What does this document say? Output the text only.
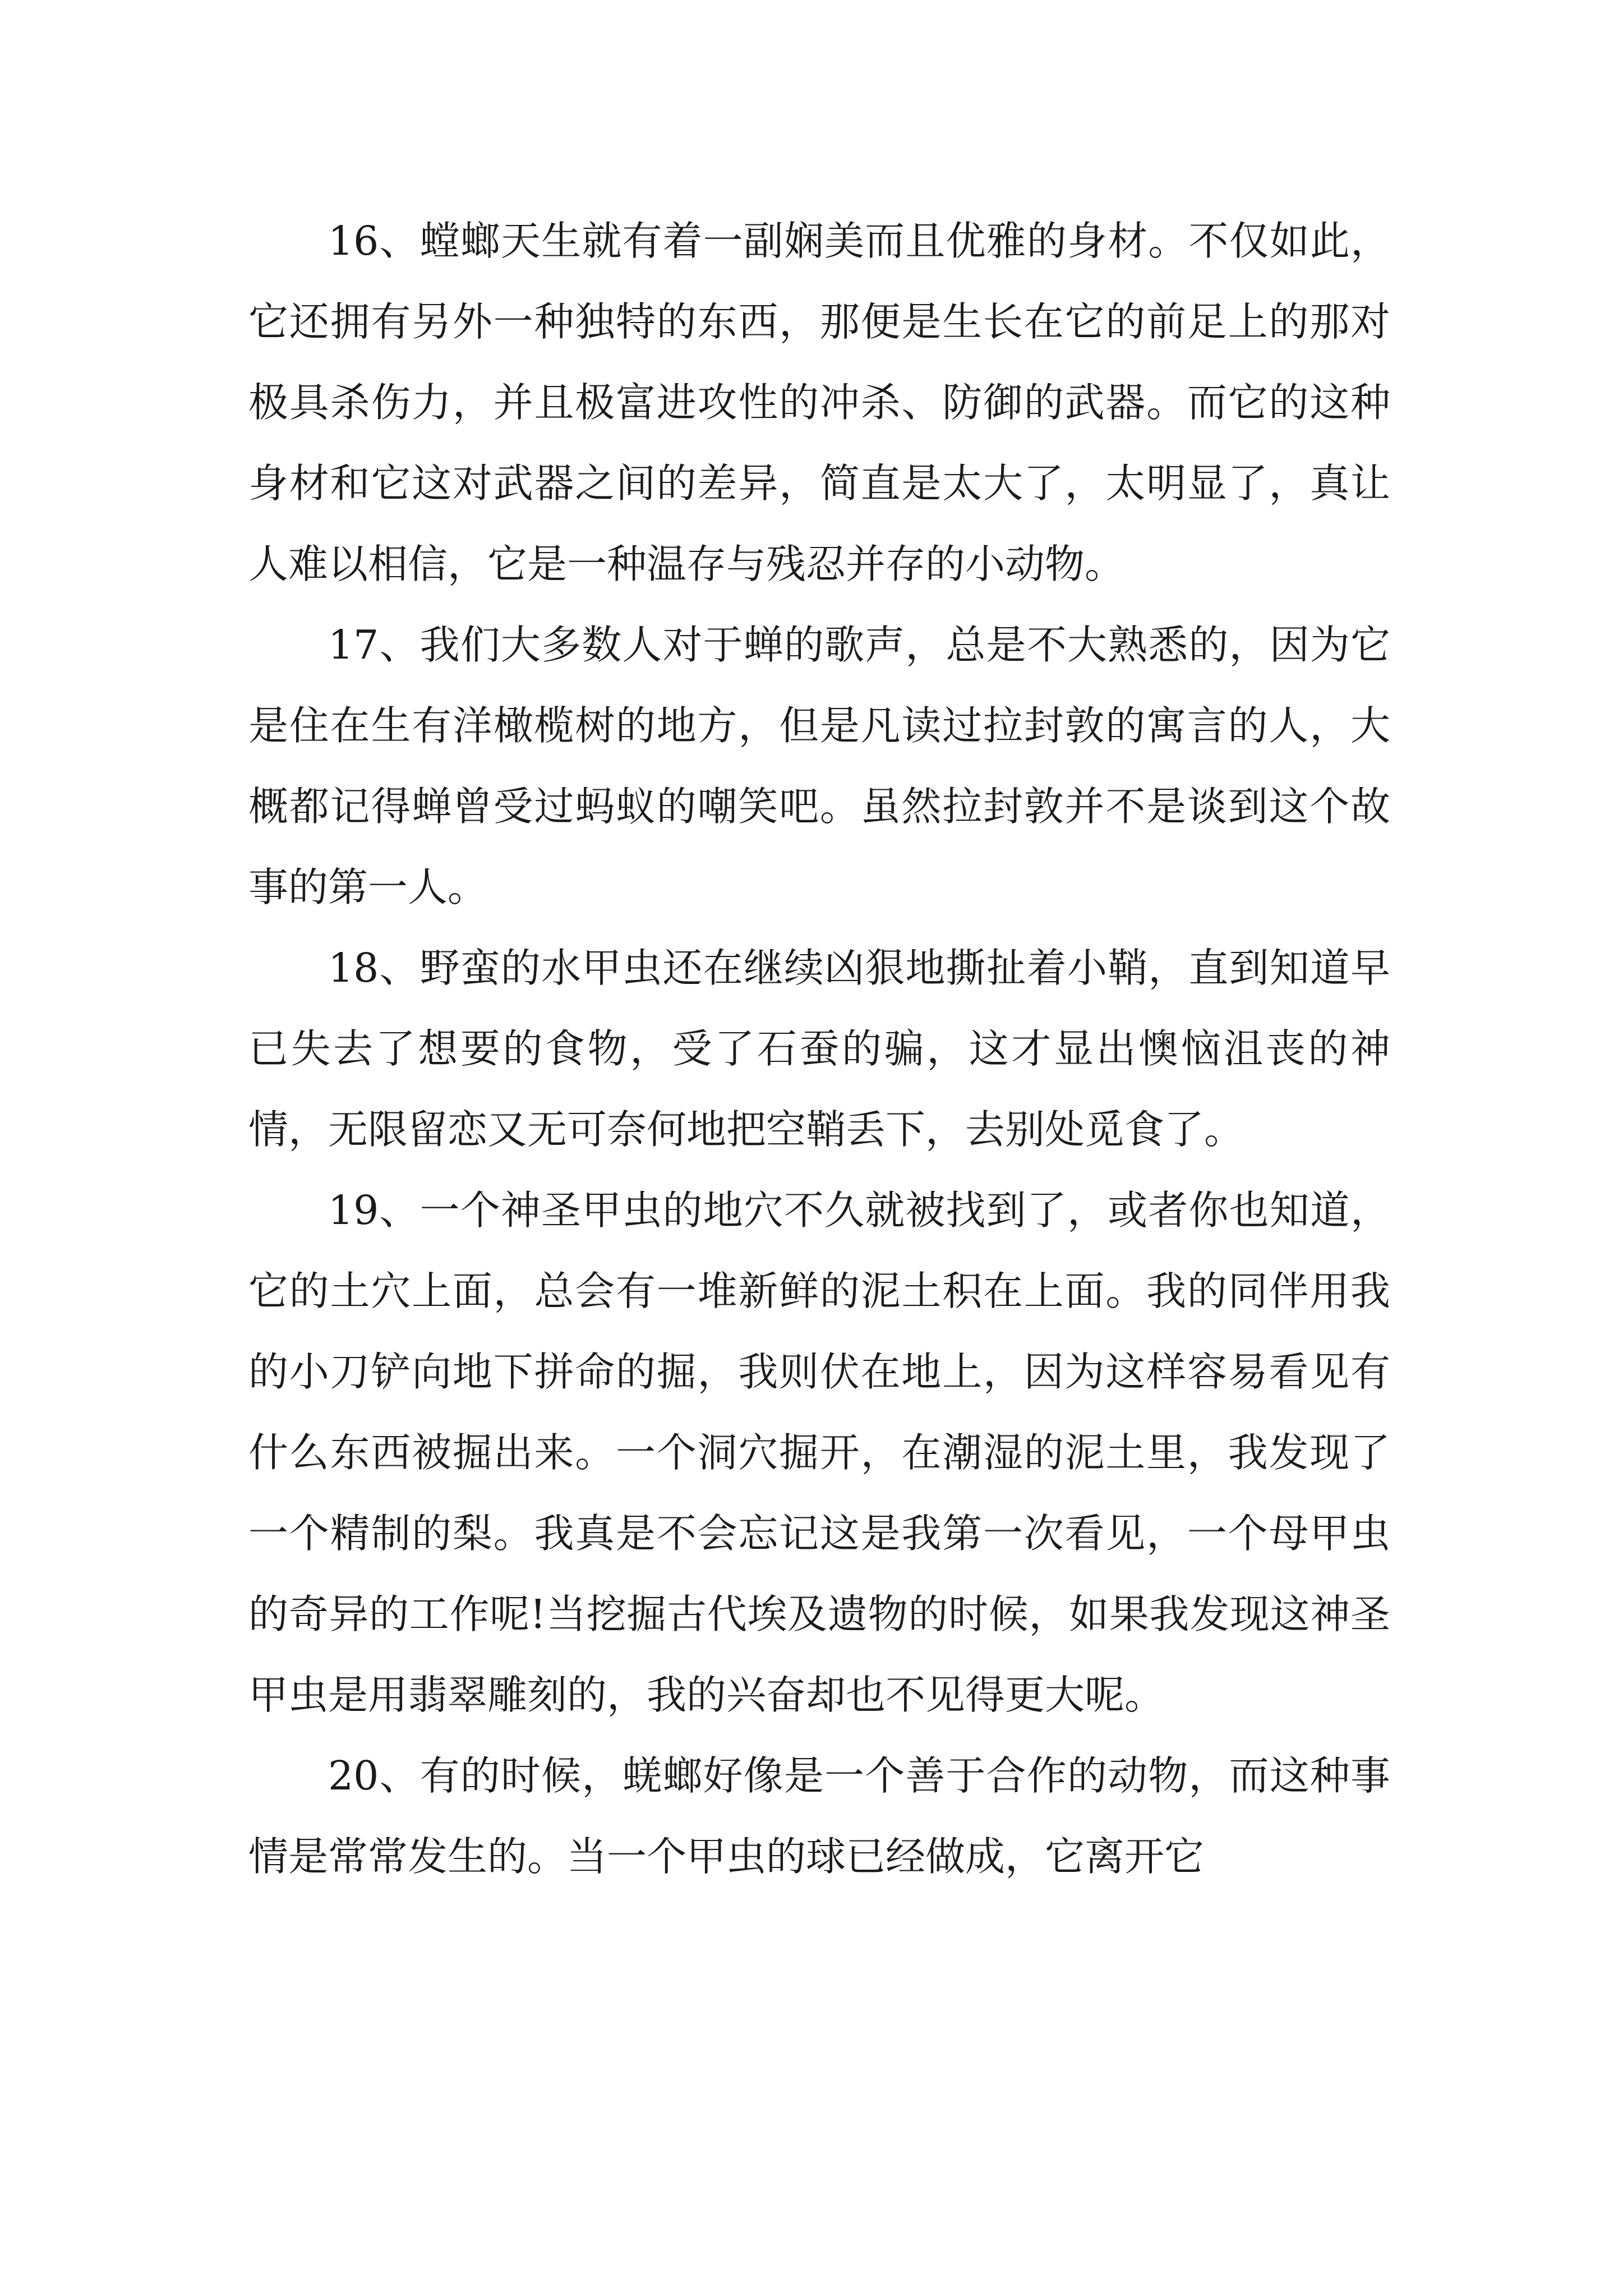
16、螳螂天生就有着一副娴美而且优雅的身材。不仅如此，它还拥有另外一种独特的东西，那便是生长在它的前足上的那对极具杀伤力，并且极富进攻性的冲杀、防御的武器。而它的这种身材和它这对武器之间的差异，简直是太大了，太明显了，真让人难以相信，它是一种温存与残忍并存的小动物。

17、我们大多数人对于蝉的歌声，总是不大熟悉的，因为它是住在生有洋橄榄树的地方，但是凡读过拉封敦的寓言的人，大概都记得蝉曾受过蚂蚁的嘲笑吧。虽然拉封敦并不是谈到这个故事的第一人。

18、野蛮的水甲虫还在继续凶狠地撕扯着小鞘，直到知道早已失去了想要的食物，受了石蚕的骗，这才显出懊恼沮丧的神情，无限留恋又无可奈何地把空鞘丢下，去别处觅食了。

19、一个神圣甲虫的地穴不久就被找到了，或者你也知道，它的土穴上面，总会有一堆新鲜的泥土积在上面。我的同伴用我的小刀铲向地下拼命的掘，我则伏在地上，因为这样容易看见有什么东西被掘出来。一个洞穴掘开，在潮湿的泥土里，我发现了一个精制的梨。我真是不会忘记这是我第一次看见，一个母甲虫的奇异的工作呢!当挖掘古代埃及遗物的时候，如果我发现这神圣甲虫是用翡翠雕刻的，我的兴奋却也不见得更大呢。

20、有的时候，蜣螂好像是一个善于合作的动物，而这种事情是常常发生的。当一个甲虫的球已经做成，它离开它
